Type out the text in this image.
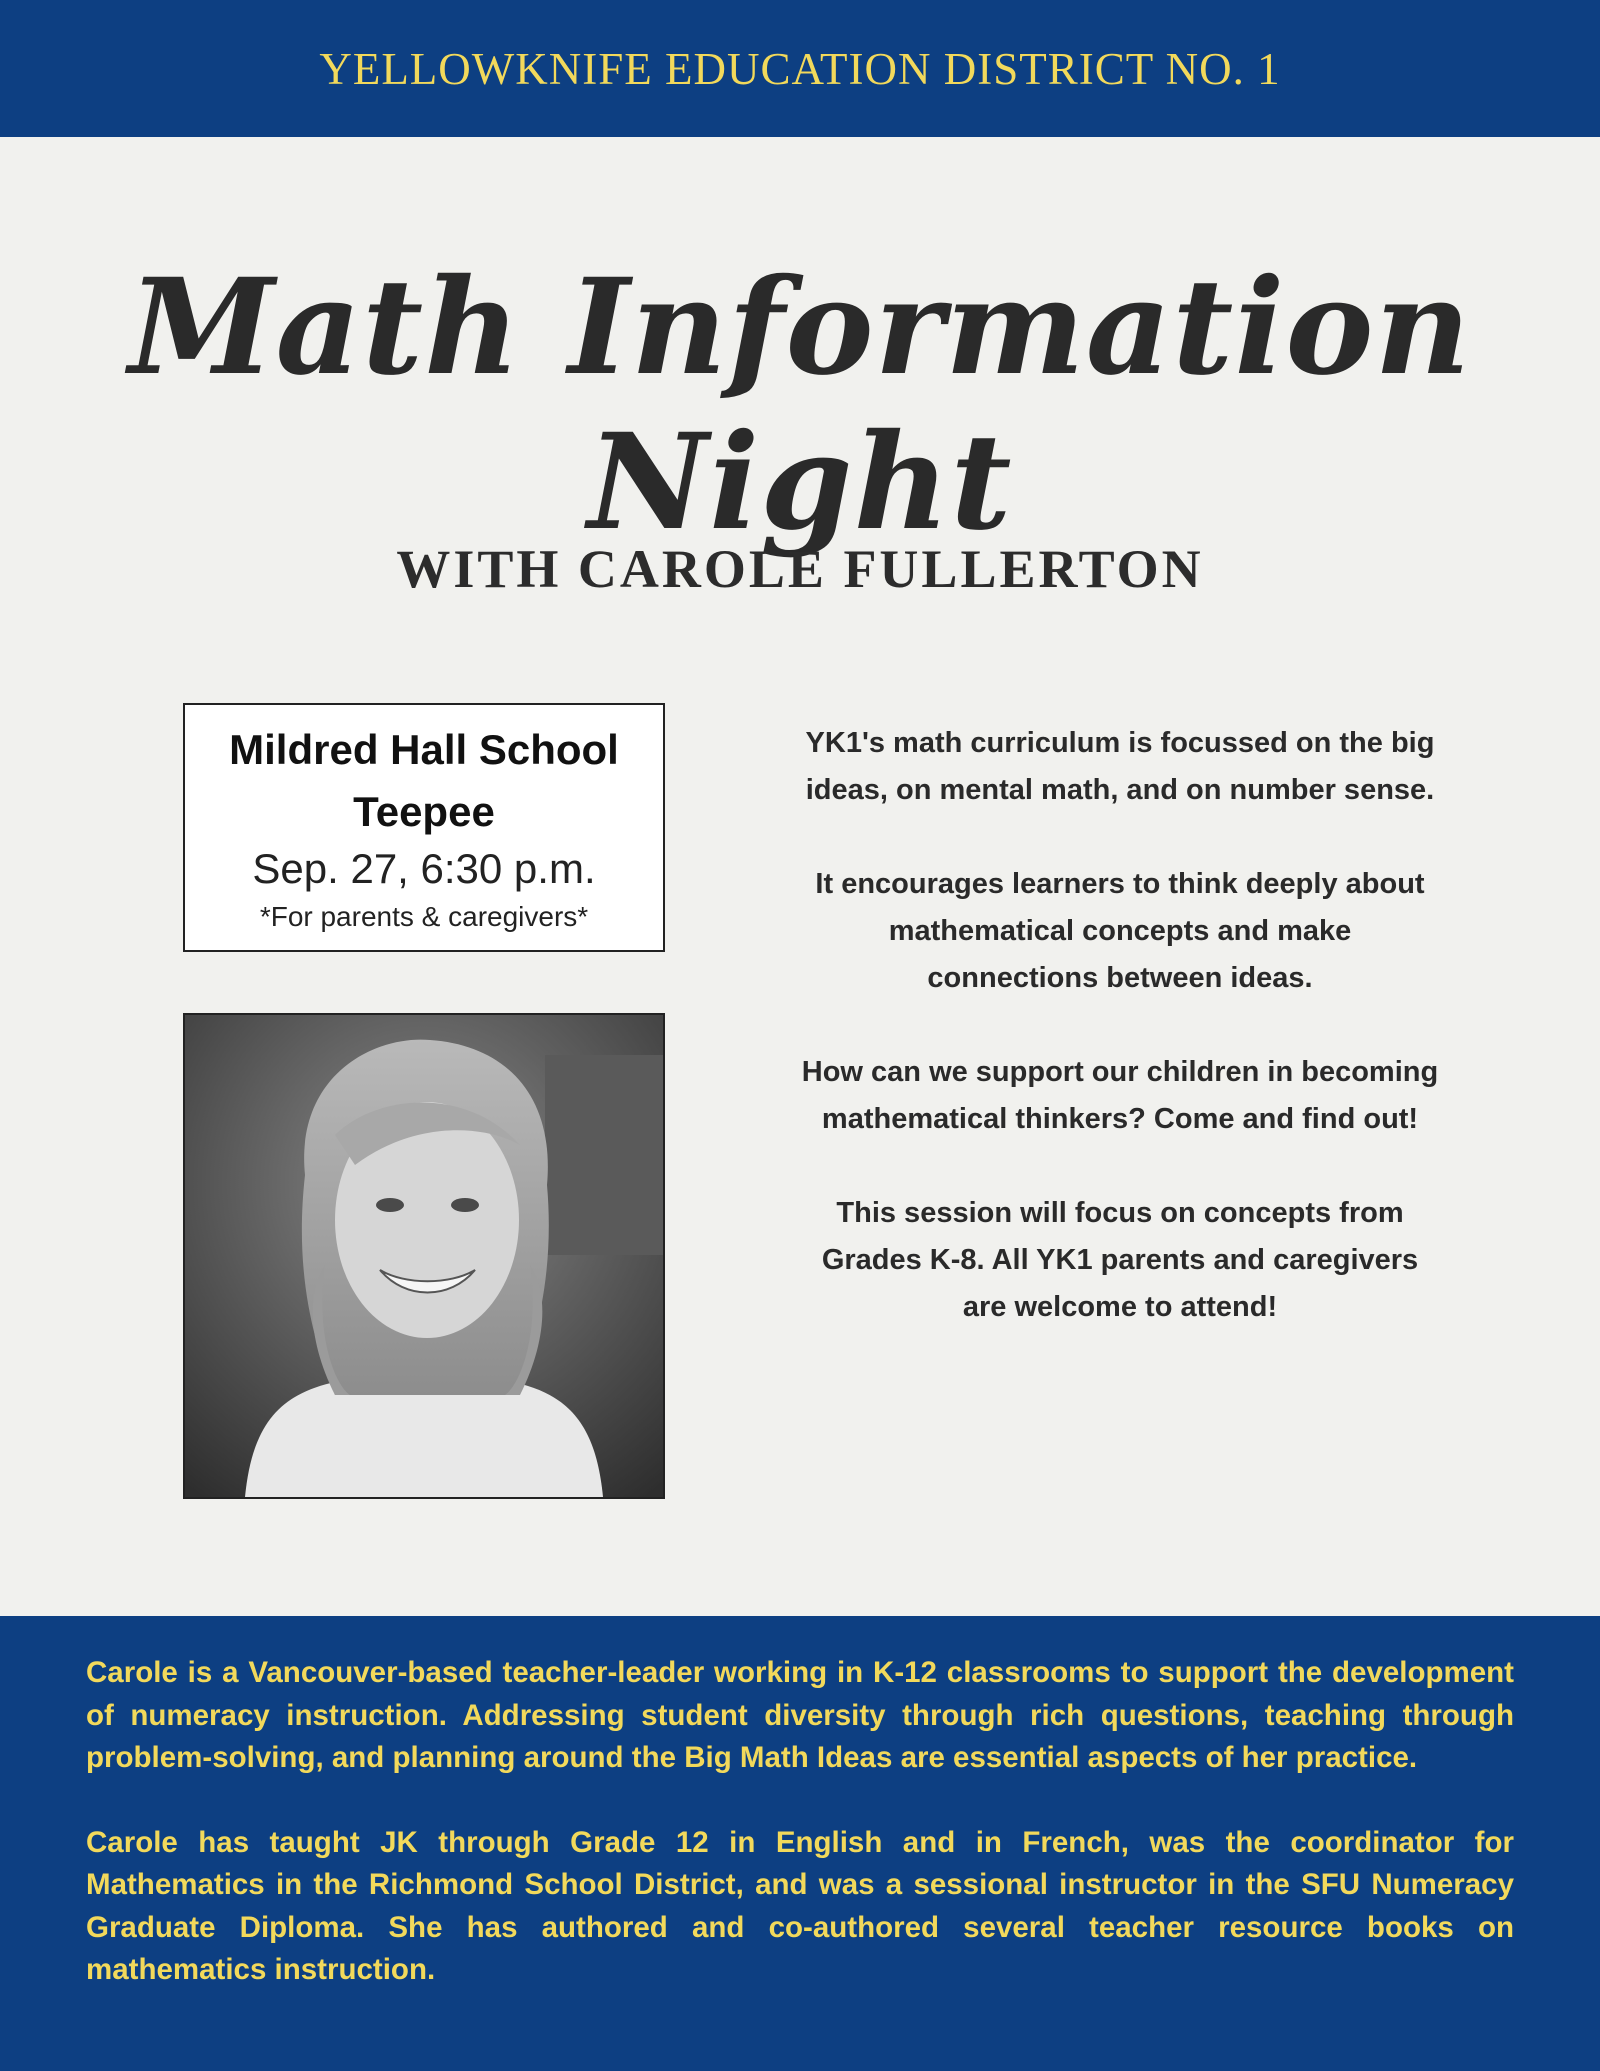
YELLOWKNIFE EDUCATION DISTRICT NO. 1
Math Information Night
WITH CAROLE FULLERTON
Mildred Hall School
Teepee
Sep. 27, 6:30 p.m.
*For parents & caregivers*

YK1's math curriculum is focussed on the big ideas, on mental math, and on number sense.

It encourages learners to think deeply about mathematical concepts and make connections between ideas.

How can we support our children in becoming mathematical thinkers? Come and find out!

This session will focus on concepts from Grades K-8. All YK1 parents and caregivers are welcome to attend!

Carole is a Vancouver-based teacher-leader working in K-12 classrooms to support the development of numeracy instruction. Addressing student diversity through rich questions, teaching through problem-solving, and planning around the Big Math Ideas are essential aspects of her practice.

Carole has taught JK through Grade 12 in English and in French, was the coordinator for Mathematics in the Richmond School District, and was a sessional instructor in the SFU Numeracy Graduate Diploma. She has authored and co-authored several teacher resource books on mathematics instruction.
